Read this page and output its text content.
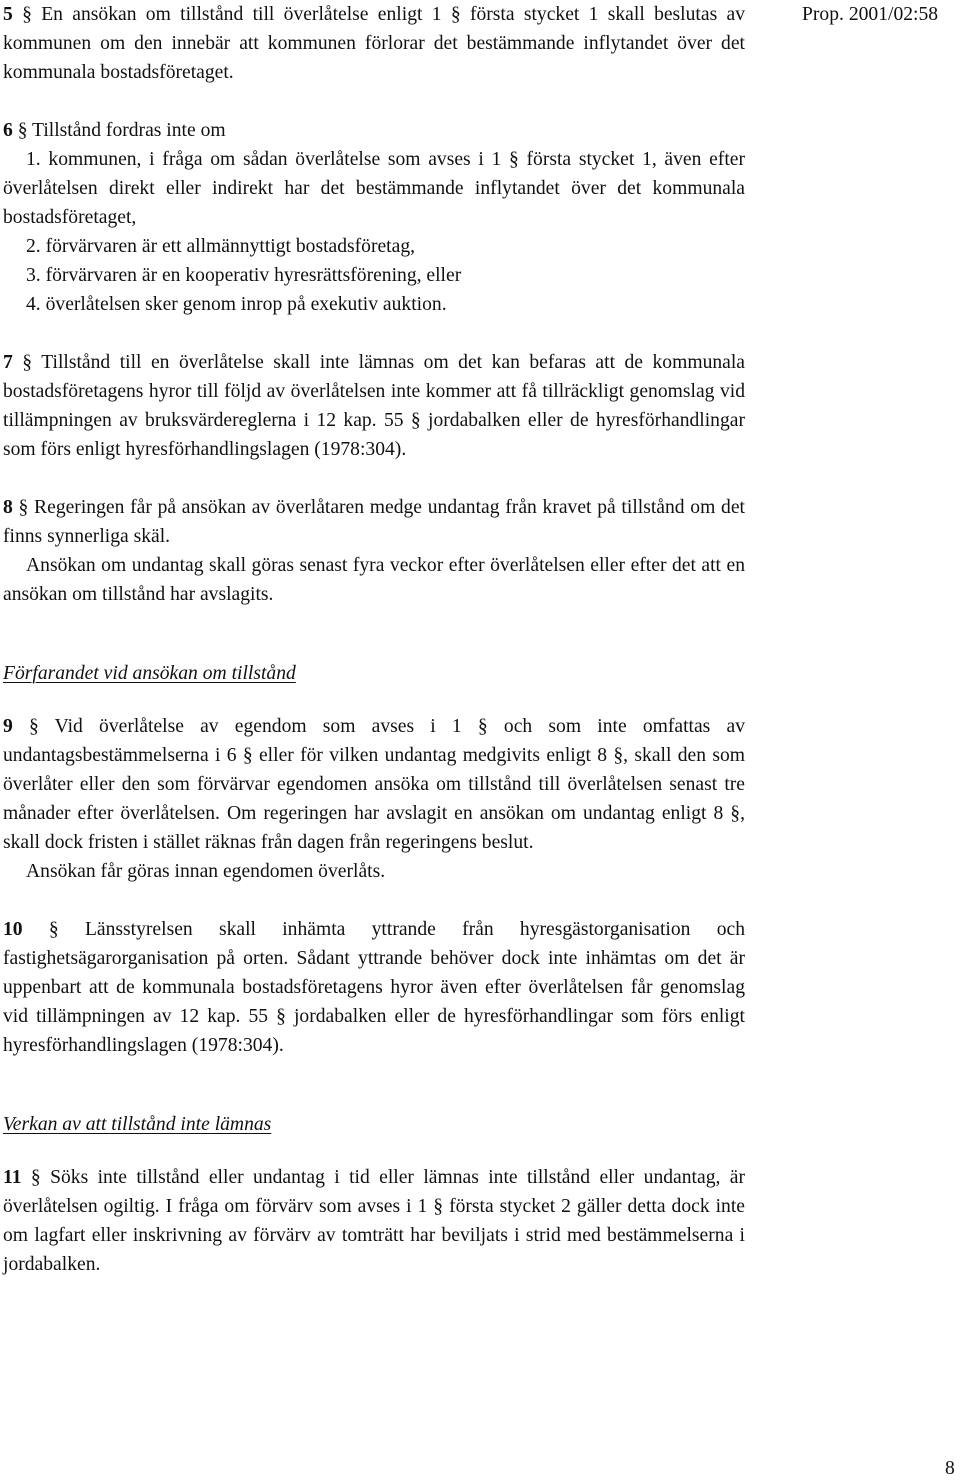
Prop. 2001/02:58

5 § En ansökan om tillstånd till överlåtelse enligt 1 § första stycket 1 skall beslutas av kommunen om den innebär att kommunen förlorar det bestämmande inflytandet över det kommunala bostadsföretaget.

6 § Tillstånd fordras inte om

1. kommunen, i fråga om sådan överlåtelse som avses i 1 § första stycket 1, även efter överlåtelsen direkt eller indirekt har det bestämmande inflytandet över det kommunala bostadsföretaget,

2. förvärvaren är ett allmännyttigt bostadsföretag,

3. förvärvaren är en kooperativ hyresrättsförening, eller

4. överlåtelsen sker genom inrop på exekutiv auktion.

7 § Tillstånd till en överlåtelse skall inte lämnas om det kan befaras att de kommunala bostadsföretagens hyror till följd av överlåtelsen inte kommer att få tillräckligt genomslag vid tillämpningen av bruksvärdereglerna i 12 kap. 55 § jordabalken eller de hyresförhandlingar som förs enligt hyresförhandlingslagen (1978:304).

8 § Regeringen får på ansökan av överlåtaren medge undantag från kravet på tillstånd om det finns synnerliga skäl.

Ansökan om undantag skall göras senast fyra veckor efter överlåtelsen eller efter det att en ansökan om tillstånd har avslagits.

Förfarandet vid ansökan om tillstånd

9 § Vid överlåtelse av egendom som avses i 1 § och som inte omfattas av undantagsbestämmelserna i 6 § eller för vilken undantag medgivits enligt 8 §, skall den som överlåter eller den som förvärvar egendomen ansöka om tillstånd till överlåtelsen senast tre månader efter överlåtelsen. Om regeringen har avslagit en ansökan om undantag enligt 8 §, skall dock fristen i stället räknas från dagen från regeringens beslut.

Ansökan får göras innan egendomen överlåts.

10 § Länsstyrelsen skall inhämta yttrande från hyresgästorganisation och fastighetsägarorganisation på orten. Sådant yttrande behöver dock inte inhämtas om det är uppenbart att de kommunala bostadsföretagens hyror även efter överlåtelsen får genomslag vid tillämpningen av 12 kap. 55 § jordabalken eller de hyresförhandlingar som förs enligt hyresförhandlingslagen (1978:304).

Verkan av att tillstånd inte lämnas

11 § Söks inte tillstånd eller undantag i tid eller lämnas inte tillstånd eller undantag, är överlåtelsen ogiltig. I fråga om förvärv som avses i 1 § första stycket 2 gäller detta dock inte om lagfart eller inskrivning av förvärv av tomträtt har beviljats i strid med bestämmelserna i jordabalken.

8
